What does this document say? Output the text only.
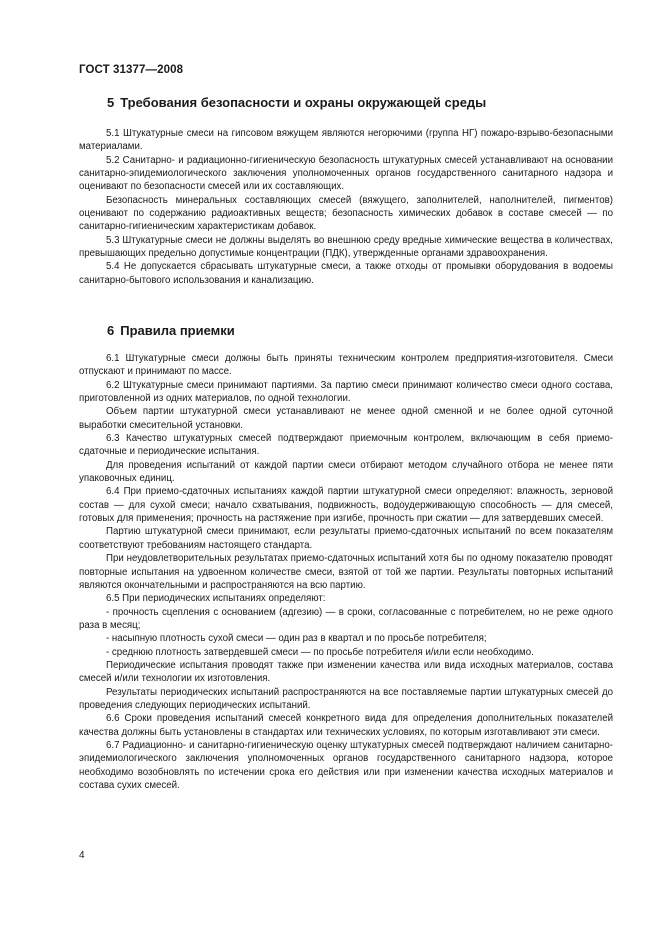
ГОСТ 31377—2008
5 Требования безопасности и охраны окружающей среды

5.1 Штукатурные смеси на гипсовом вяжущем являются негорючими (группа НГ) пожаро-взрыво-безопасными материалами.

5.2 Санитарно- и радиационно-гигиеническую безопасность штукатурных смесей устанавливают на основании санитарно-эпидемиологического заключения уполномоченных органов государственного санитарного надзора и оценивают по безопасности смесей или их составляющих.

Безопасность минеральных составляющих смесей (вяжущего, заполнителей, наполнителей, пигментов) оценивают по содержанию радиоактивных веществ; безопасность химических добавок в составе смесей — по санитарно-гигиеническим характеристикам добавок.

5.3 Штукатурные смеси не должны выделять во внешнюю среду вредные химические вещества в количествах, превышающих предельно допустимые концентрации (ПДК), утвержденные органами здравоохранения.

5.4 Не допускается сбрасывать штукатурные смеси, а также отходы от промывки оборудования в водоемы санитарно-бытового использования и канализацию.

6 Правила приемки

6.1 Штукатурные смеси должны быть приняты техническим контролем предприятия-изготовителя. Смеси отпускают и принимают по массе.

6.2 Штукатурные смеси принимают партиями. За партию смеси принимают количество смеси одного состава, приготовленной из одних материалов, по одной технологии.

Объем партии штукатурной смеси устанавливают не менее одной сменной и не более одной суточной выработки смесительной установки.

6.3 Качество штукатурных смесей подтверждают приемочным контролем, включающим в себя приемо-сдаточные и периодические испытания.

Для проведения испытаний от каждой партии смеси отбирают методом случайного отбора не менее пяти упаковочных единиц.

6.4 При приемо-сдаточных испытаниях каждой партии штукатурной смеси определяют: влажность, зерновой состав — для сухой смеси; начало схватывания, подвижность, водоудерживающую способность — для смесей, готовых для применения; прочность на растяжение при изгибе, прочность при сжатии — для затвердевших смесей.

Партию штукатурной смеси принимают, если результаты приемо-сдаточных испытаний по всем показателям соответствуют требованиям настоящего стандарта.

При неудовлетворительных результатах приемо-сдаточных испытаний хотя бы по одному показателю проводят повторные испытания на удвоенном количестве смеси, взятой от той же партии. Результаты повторных испытаний являются окончательными и распространяются на всю партию.

6.5 При периодических испытаниях определяют:

- прочность сцепления с основанием (адгезию) — в сроки, согласованные с потребителем, но не реже одного раза в месяц;

- насыпную плотность сухой смеси — один раз в квартал и по просьбе потребителя;

- среднюю плотность затвердевшей смеси — по просьбе потребителя и/или если необходимо.

Периодические испытания проводят также при изменении качества или вида исходных материалов, состава смесей и/или технологии их изготовления.

Результаты периодических испытаний распространяются на все поставляемые партии штукатурных смесей до проведения следующих периодических испытаний.

6.6 Сроки проведения испытаний смесей конкретного вида для определения дополнительных показателей качества должны быть установлены в стандартах или технических условиях, по которым изготавливают эти смеси.

6.7 Радиационно- и санитарно-гигиеническую оценку штукатурных смесей подтверждают наличием санитарно-эпидемиологического заключения уполномоченных органов государственного санитарного надзора, которое необходимо возобновлять по истечении срока его действия или при изменении качества исходных материалов и состава сухих смесей.

4
